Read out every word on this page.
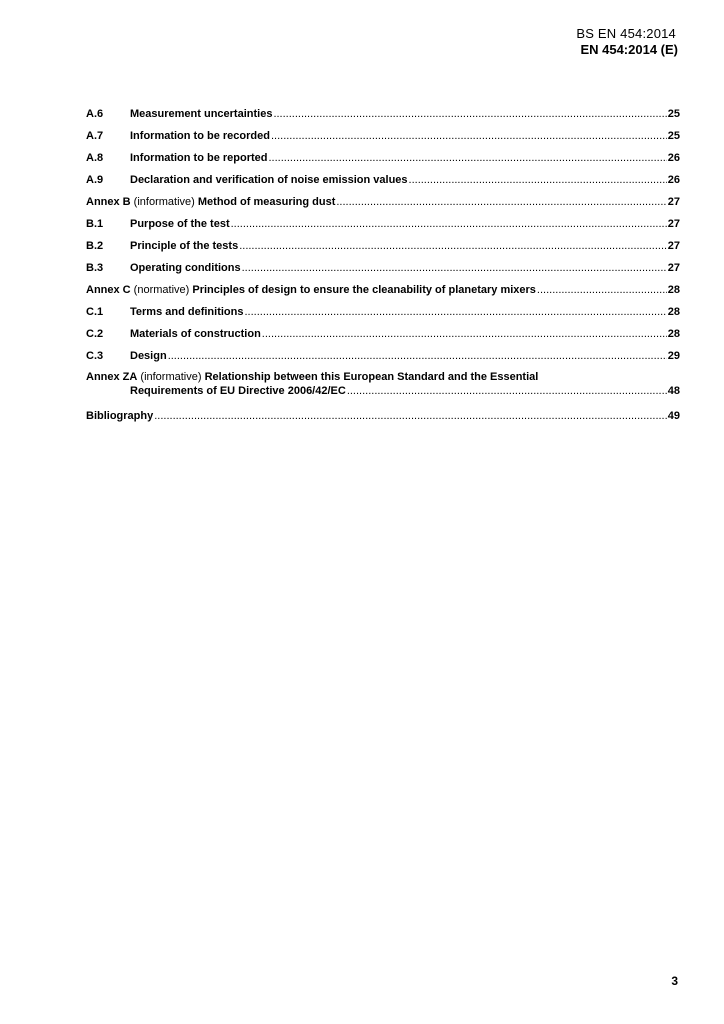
BS EN 454:2014
EN 454:2014 (E)
A.6	Measurement uncertainties .....	25
A.7	Information to be recorded .....	25
A.8	Information to be reported .....	26
A.9	Declaration and verification of noise emission values .....	26
Annex B (informative) Method of measuring dust .....	27
B.1	Purpose of the test .....	27
B.2	Principle of the tests .....	27
B.3	Operating conditions .....	27
Annex C (normative) Principles of design to ensure the cleanability of planetary mixers .....	28
C.1	Terms and definitions .....	28
C.2	Materials of construction .....	28
C.3	Design .....	29
Annex ZA (informative) Relationship between this European Standard and the Essential
Requirements of EU Directive 2006/42/EC .....	48
Bibliography .....	49
3
